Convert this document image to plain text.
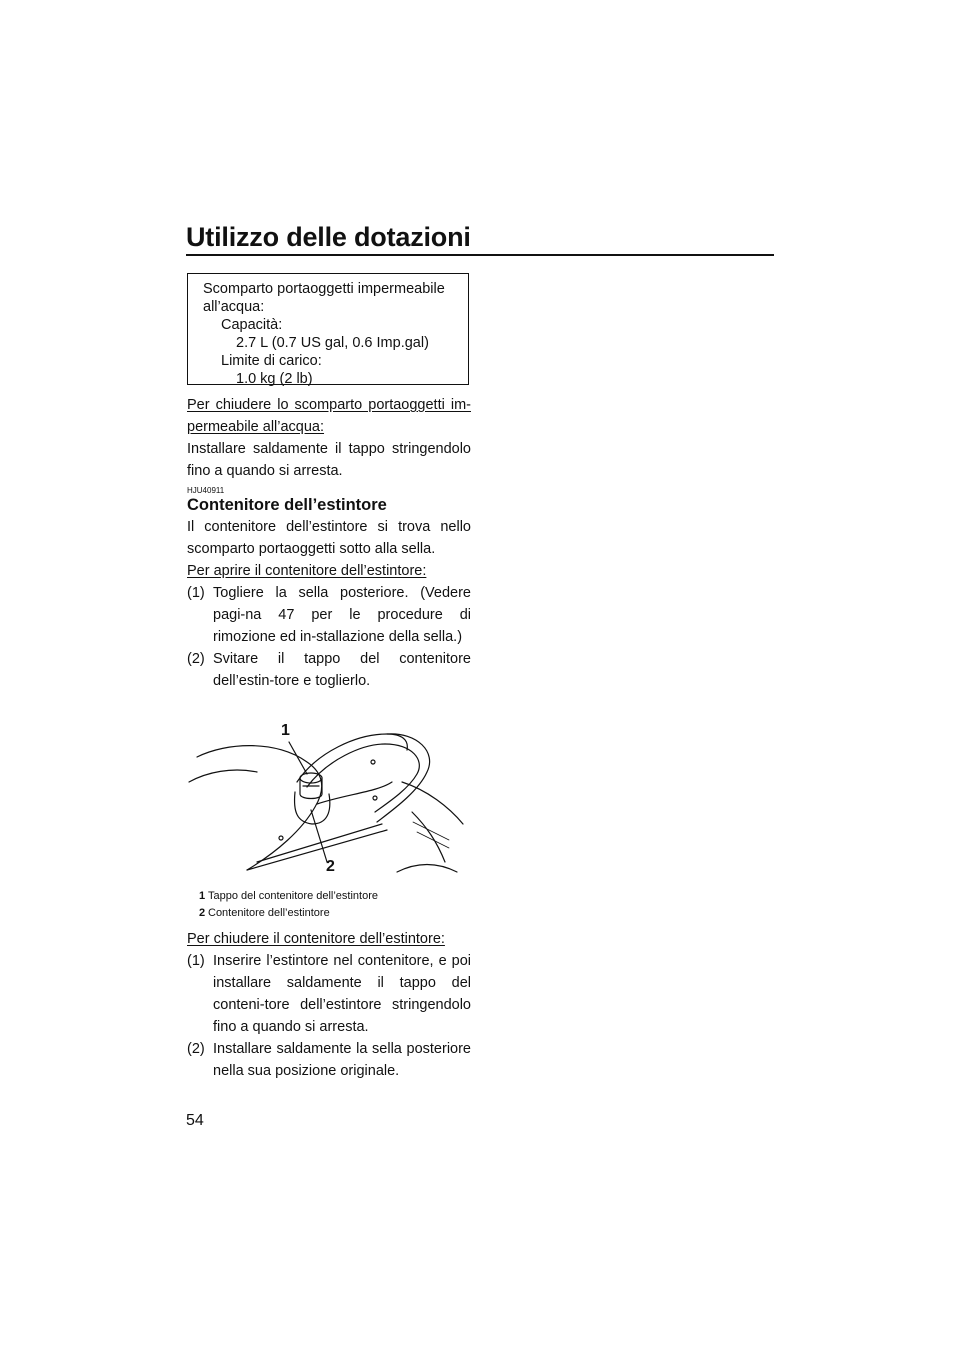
Utilizzo delle dotazioni
Scomparto portaoggetti impermeabile
all’acqua:
Capacità:
2.7 L (0.7 US gal, 0.6 Imp.gal)
Limite di carico:
1.0 kg (2 lb)
Per chiudere lo scomparto portaoggetti im-
permeabile all’acqua:
Installare saldamente il tappo stringendolo fino a quando si arresta.
HJU40911
Contenitore dell’estintore
Il contenitore dell’estintore si trova nello scomparto portaoggetti sotto alla sella.
Per aprire il contenitore dell’estintore:
(1) Togliere la sella posteriore. (Vedere pagi-na 47 per le procedure di rimozione ed in-stallazione della sella.)
(2) Svitare il tappo del contenitore dell’estin-tore e toglierlo.
1
2
1 Tappo del contenitore dell’estintore
2 Contenitore dell’estintore
Per chiudere il contenitore dell’estintore:
(1) Inserire l’estintore nel contenitore, e poi installare saldamente il tappo del conteni-tore dell’estintore stringendolo fino a quando si arresta.
(2) Installare saldamente la sella posteriore nella sua posizione originale.
54
